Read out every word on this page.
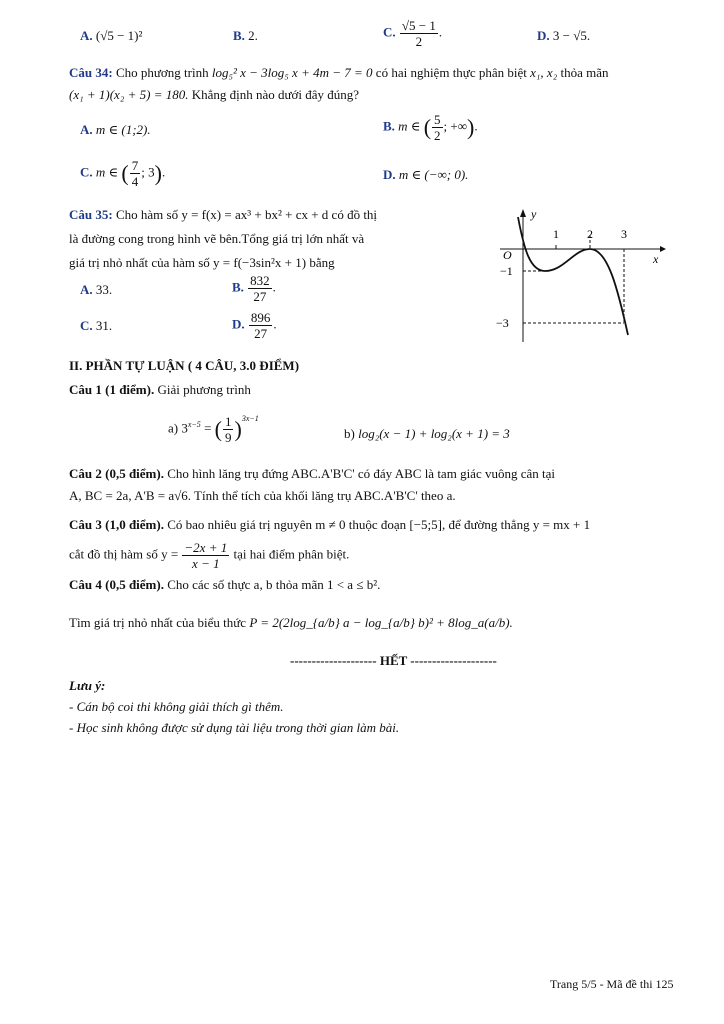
A. (√5 − 1)²	B. 2.	C. $\frac{√5 - 1}{2}$ .	D. 3 − √5.
Câu 34: Cho phương trình log₅² x − 3log₅ x + 4m − 7 = 0 có hai nghiệm thực phân biệt x₁, x₂ thỏa mãn
(x₁ + 1)(x₂ + 5) = 180. Khẳng định nào dưới đây đúng?
A. m ∈ (1;2).	B. m ∈ ( $\frac{5}{2}$ ; +∞).
C. m ∈ ( $\frac{7}{4}$ ; 3).	D. m ∈ (−∞; 0).
Câu 35: Cho hàm số y = f(x) = ax³ + bx² + cx + d có đồ thị
là đường cong trong hình vẽ bên.Tổng giá trị lớn nhất và
giá trị nhỏ nhất của hàm số y = f(−3sin²x + 1) bằng
A. 33.	B. $\frac{832}{27}$ .
C. 31.	D. $\frac{896}{27}$ .
y
x
O
1 2 3
−1
−3
II. PHẦN TỰ LUẬN ( 4 CÂU, 3.0 ĐIỂM)
Câu 1 (1 điểm). Giải phương trình
a) $3^{x-5}$ = ( $\frac{1}{9} )^{3x-1}$
b) log₂(x − 1) + log₂(x + 1) = 3
Câu 2 (0,5 điểm). Cho hình lăng trụ đứng ABC.A'B'C' có đáy ABC là tam giác vuông cân tại
A, BC = 2a, A'B = a√6. Tính thể tích của khối lăng trụ ABC.A'B'C' theo a.
Câu 3 (1,0 điểm). Có bao nhiêu giá trị nguyên m ≠ 0 thuộc đoạn [−5;5], để đường thẳng y = mx + 1
cắt đồ thị hàm số $y = \frac{-2x + 1}{x - 1}$ tại hai điểm phân biệt.
Câu 4 (0,5 điểm). Cho các số thực a, b thỏa mãn 1 < a ≤ b².
Tìm giá trị nhỏ nhất của biểu thức P = 2(2log_{a/b} a − log_{a/b} b)² + 8log_a(a/b).
-------------------- HẾT --------------------
Lưu ý:
- Cán bộ coi thi không giải thích gì thêm.
- Học sinh không được sử dụng tài liệu trong thời gian làm bài.
Trang 5/5 - Mã đề thi 125
